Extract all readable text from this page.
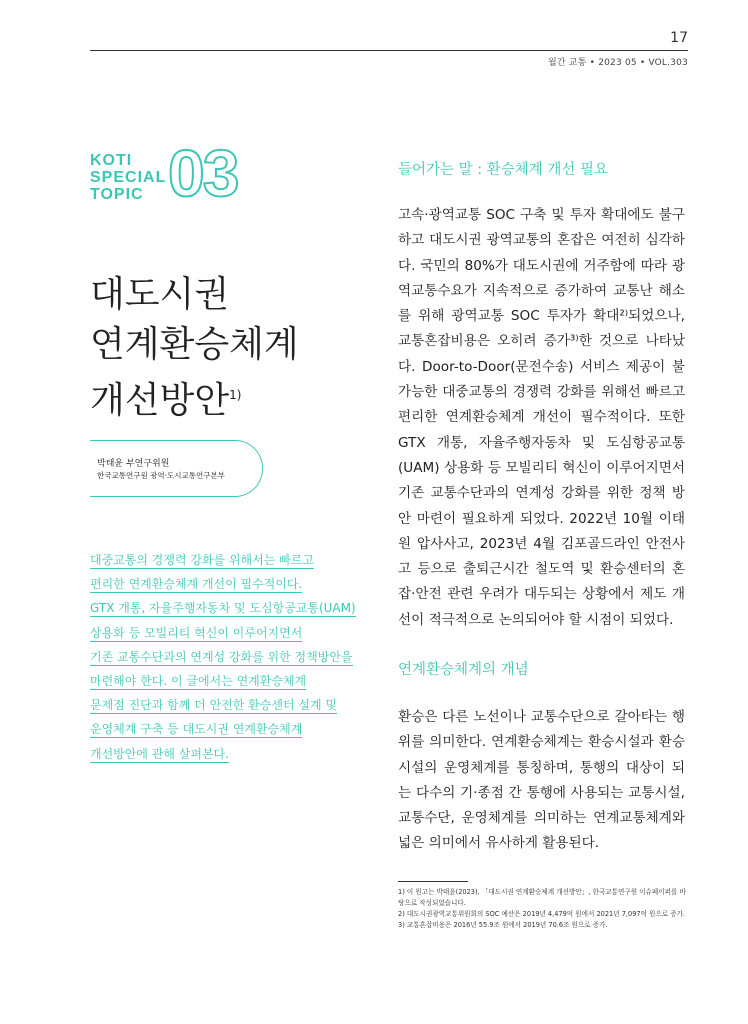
17
월간 교통 • 2023 05 • VOL.303
KOTI
SPECIAL
TOPIC 03
대도시권
연계환승체계
개선방안$^{1)}$
박태윤 부연구위원
한국교통연구원 광역·도시교통연구본부
대중교통의 경쟁력 강화를 위해서는 빠르고
편리한 연계환승체계 개선이 필수적이다.
GTX 개통, 자율주행자동차 및 도심항공교통(UAM)
상용화 등 모빌리티 혁신이 이루어지면서
기존 교통수단과의 연계성 강화를 위한 정책방안을
마련해야 한다. 이 글에서는 연계환승체계
문제점 진단과 함께 더 안전한 환승센터 설계 및
운영체계 구축 등 대도시권 연계환승체계
개선방안에 관해 살펴본다.
들어가는 말 : 환승체계 개선 필요

고속·광역교통 SOC 구축 및 투자 확대에도 불구하고 대도시권 광역교통의 혼잡은 여전히 심각하다. 국민의 80%가 대도시권에 거주함에 따라 광역교통수요가 지속적으로 증가하여 교통난 해소를 위해 광역교통 SOC 투자가 확대²⁾되었으나, 교통혼잡비용은 오히려 증가³⁾한 것으로 나타났다. Door-to-Door(문전수송) 서비스 제공이 불가능한 대중교통의 경쟁력 강화를 위해선 빠르고 편리한 연계환승체계 개선이 필수적이다. 또한 GTX 개통, 자율주행자동차 및 도심항공교통(UAM) 상용화 등 모빌리티 혁신이 이루어지면서 기존 교통수단과의 연계성 강화를 위한 정책 방안 마련이 필요하게 되었다. 2022년 10월 이태원 압사사고, 2023년 4월 김포골드라인 안전사고 등으로 출퇴근시간 철도역 및 환승센터의 혼잡·안전 관련 우려가 대두되는 상황에서 제도 개선이 적극적으로 논의되어야 할 시점이 되었다.

연계환승체계의 개념

환승은 다른 노선이나 교통수단으로 갈아타는 행위를 의미한다. 연계환승체계는 환승시설과 환승시설의 운영체계를 통칭하며, 통행의 대상이 되는 다수의 기·종점 간 통행에 사용되는 교통시설, 교통수단, 운영체계를 의미하는 연계교통체계와 넓은 의미에서 유사하게 활용된다.

1) 이 원고는 박태윤(2023), 「대도시권 연계환승체계 개선방안」, 한국교통연구원 이슈페이퍼를 바탕으로 작성되었습니다.
2) 대도시권광역교통위원회의 SOC 예산은 2019년 4,479억 원에서 2021년 7,097억 원으로 증가.
3) 교통혼잡비용은 2016년 55.9조 원에서 2019년 70.6조 원으로 증가.
